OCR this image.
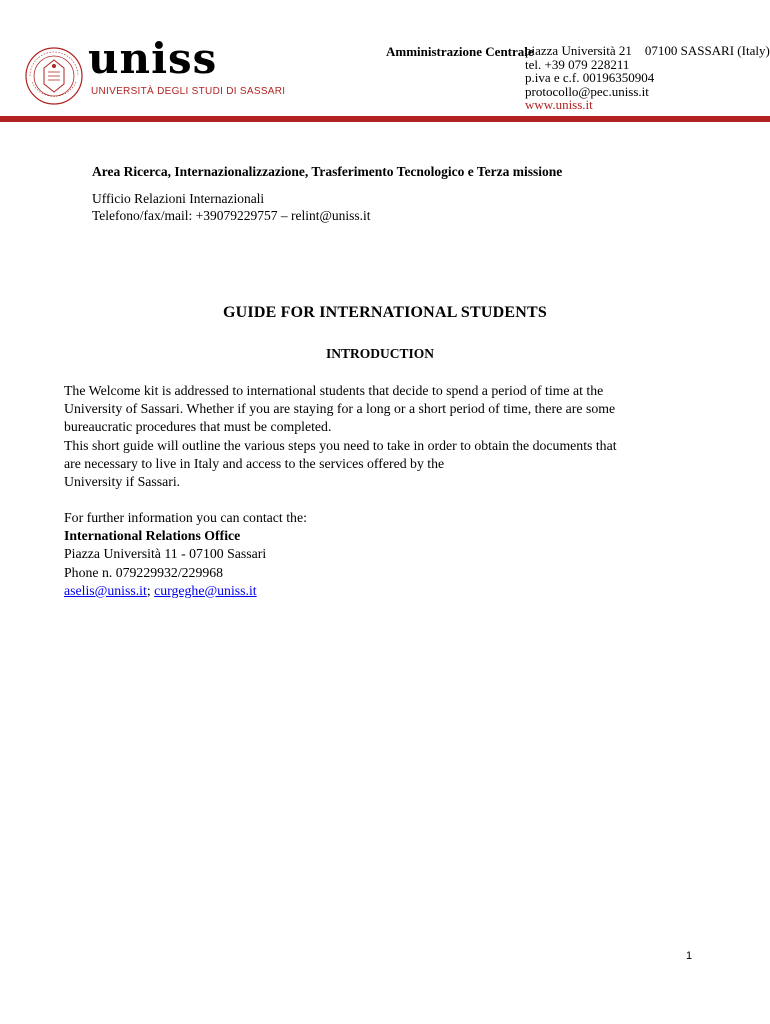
uniss
UNIVERSITÀ DEGLI STUDI DI SASSARI
Amministrazione Centrale
piazza Università 21    07100 SASSARI (Italy)
tel. +39 079 228211
p.iva e c.f. 00196350904
protocollo@pec.uniss.it
www.uniss.it
Area Ricerca, Internazionalizzazione, Trasferimento Tecnologico e Terza missione
Ufficio Relazioni Internazionali
Telefono/fax/mail: +39079229757 – relint@uniss.it
GUIDE FOR INTERNATIONAL STUDENTS
INTRODUCTION
The Welcome kit is addressed to international students that decide to spend a period of time at the
University of Sassari. Whether if you are staying for a long or a short period of time, there are some
bureaucratic procedures that must be completed.
This short guide will outline the various steps you need to take in order to obtain the documents that
are necessary to live in Italy and access to the services offered by the
University if Sassari.
For further information you can contact the:
International Relations Office
Piazza Università 11 - 07100 Sassari
Phone n. 079229932/229968
aselis@uniss.it; curgeghe@uniss.it
1
